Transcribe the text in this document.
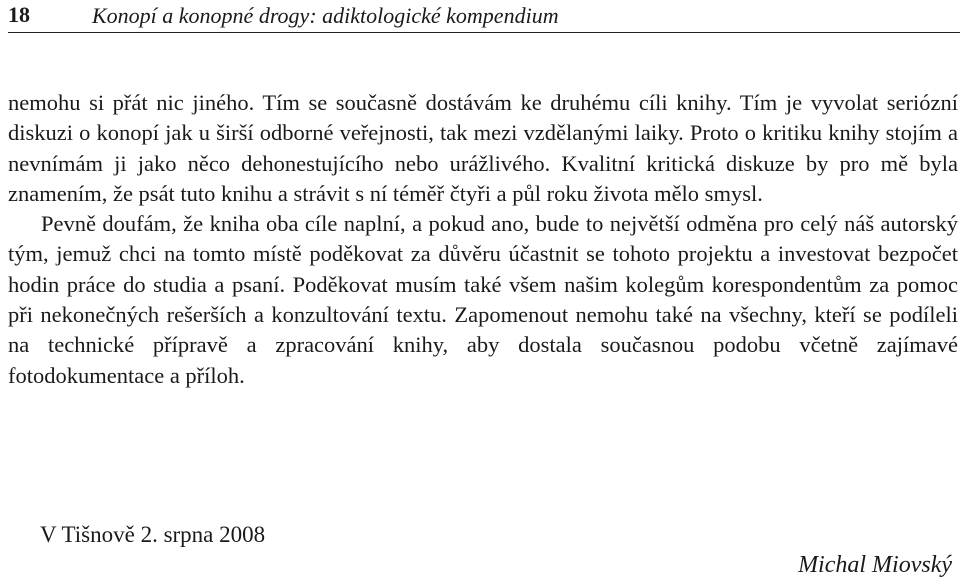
18	Konopí a konopné drogy: adiktologické kompendium

nemohu si přát nic jiného. Tím se současně dostávám ke druhému cíli knihy. Tím je vyvolat seriózní diskuzi o konopí jak u širší odborné veřejnosti, tak mezi vzdělanými laiky. Proto o kritiku knihy stojím a nevnímám ji jako něco dehonestujícího nebo urážlivého. Kvalitní kritická diskuze by pro mě byla znamením, že psát tuto knihu a strávit s ní téměř čtyři a půl roku života mělo smysl.

Pevně doufám, že kniha oba cíle naplní, a pokud ano, bude to největší odměna pro celý náš autorský tým, jemuž chci na tomto místě poděkovat za důvěru účastnit se tohoto projektu a investovat bezpočet hodin práce do studia a psaní. Poděkovat musím také všem našim kolegům korespondentům za pomoc při nekonečných rešerších a konzultování textu. Zapomenout nemohu také na všechny, kteří se podíleli na technické přípravě a zpracování knihy, aby dostala současnou podobu včetně zajímavé fotodokumentace a příloh.

V Tišnově 2. srpna 2008
Michal Miovský
